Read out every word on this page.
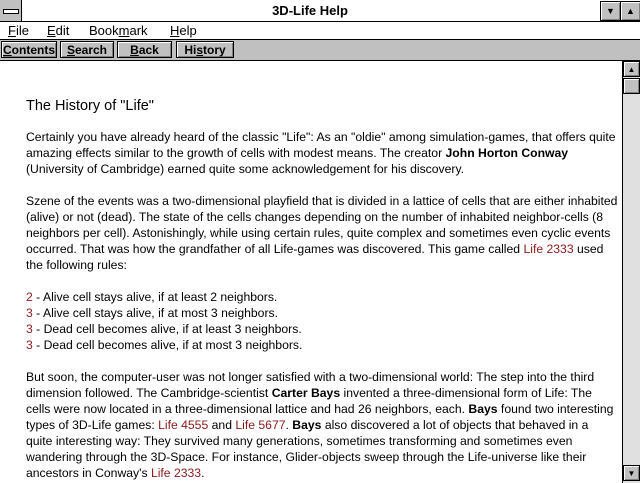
3D-Life Help	▼	▲
File Edit Bookmark Help
Contents Search	Back	History
The History of "Life"

Certainly you have already heard of the classic "Life": As an "oldie" among simulation-games, that offers quite amazing effects similar to the growth of cells with modest means. The creator John Horton Conway (University of Cambridge) earned quite some acknowledgement for his discovery.

Szene of the events was a two-dimensional playfield that is divided in a lattice of cells that are either inhabited (alive) or not (dead). The state of the cells changes depending on the number of inhabited neighbor-cells (8 neighbors per cell). Astonishingly, while using certain rules, quite complex and sometimes even cyclic events occurred. That was how the grandfather of all Life-games was discovered. This game called Life 2333 used the following rules:

2 - Alive cell stays alive, if at least 2 neighbors.
3 - Alive cell stays alive, if at most 3 neighbors.
3 - Dead cell becomes alive, if at least 3 neighbors.
3 - Dead cell becomes alive, if at most 3 neighbors.

But soon, the computer-user was not longer satisfied with a two-dimensional world: The step into the third dimension followed. The Cambridge-scientist Carter Bays invented a three-dimensional form of Life: The cells were now located in a three-dimensional lattice and had 26 neighbors, each. Bays found two interesting types of 3D-Life games: Life 4555 and Life 5677. Bays also discovered a lot of objects that behaved in a quite interesting way: They survived many generations, sometimes transforming and sometimes even wandering through the 3D-Space. For instance, Glider-objects sweep through the Life-universe like their ancestors in Conway's Life 2333.

▲
▼
